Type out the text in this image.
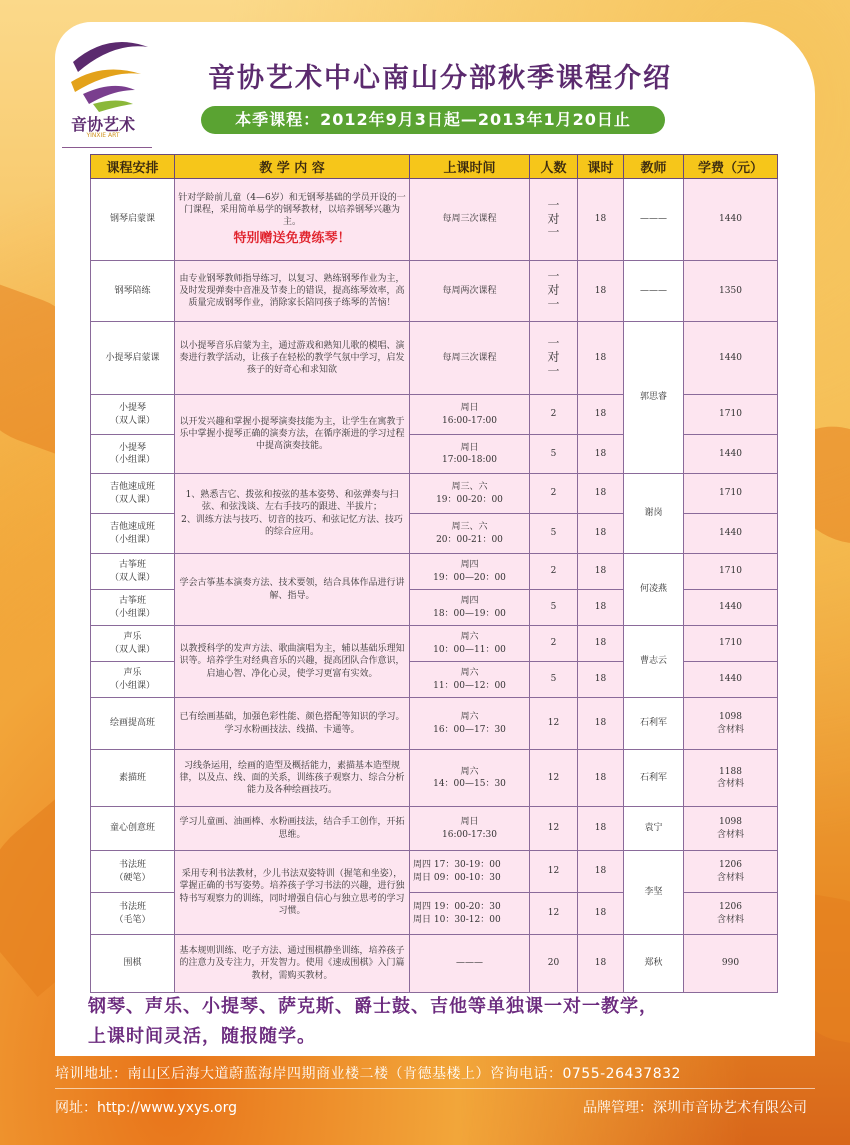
音协艺术
YINXIE ART
音协艺术中心南山分部秋季课程介绍
本季课程：2012年9月3日起—2013年1月20日止
课程安排	教 学 内 容	上课时间	人数	课时	教师	学费（元）
钢琴启蒙课	针对学龄前儿童（4—6岁）和无钢琴基础的学员开设的一门课程，采用简单易学的钢琴教材，以培养钢琴兴趣为主。
特别赠送免费练琴！	每周三次课程	一
对
一	18	———	1440
钢琴陪练	由专业钢琴教师指导练习，以复习、熟练钢琴作业为主，及时发现弹奏中音准及节奏上的错误，提高练琴效率，高质量完成钢琴作业，消除家长陪同孩子练琴的苦恼！	每周两次课程	一
对
一	18	———	1350
小提琴启蒙课	以小提琴音乐启蒙为主，通过游戏和熟知儿歌的模唱、演奏进行教学活动，让孩子在轻松的教学气氛中学习，启发孩子的好奇心和求知欲	每周三次课程	一
对
一	18	郭思睿	1440
小提琴
（双人课）	以开发兴趣和掌握小提琴演奏技能为主，让学生在寓教于乐中掌握小提琴正确的演奏方法，在循序渐进的学习过程中提高演奏技能。	周日
16:00-17:00	2	18		1710
小提琴
（小组课）		周日
17:00-18:00	5	18		1440
吉他速成班
（双人课）	1、熟悉吉它、拨弦和按弦的基本姿势、和弦弹奏与扫弦、和弦浅谈、左右手技巧的跟进、半拔片；
2、训练方法与技巧、切音的技巧、和弦记忆方法、技巧的综合应用。	周三、六
19：00-20：00	2	18	谢岗	1710
吉他速成班
（小组课）		周三、六
20：00-21：00	5	18		1440
古筝班
（双人课）	学会古筝基本演奏方法、技术要领，结合具体作品进行讲解、指导。	周四
19：00—20：00	2	18	何凌燕	1710
古筝班
（小组课）		周四
18：00—19：00	5	18		1440
声乐
（双人课）	以教授科学的发声方法、歌曲演唱为主，辅以基础乐理知识等。培养学生对经典音乐的兴趣，提高团队合作意识，启迪心智、净化心灵，使学习更富有实效。	周六
10：00—11：00	2	18	曹志云	1710
声乐
（小组课）		周六
11：00—12：00	5	18		1440
绘画提高班	已有绘画基础，加强色彩性能、颜色搭配等知识的学习。学习水粉画技法、线描、卡通等。	周六
16：00—17：30	12	18	石利军	1098
含材料
素描班	习线条运用，绘画的造型及概括能力，素描基本造型规律，以及点、线、面的关系，训练孩子观察力、综合分析能力及各种绘画技巧。	周六
14：00—15：30	12	18	石利军	1188
含材料
童心创意班	学习儿童画、油画棒、水粉画技法，结合手工创作，开拓思维。	周日
16:00-17:30	12	18	袁宁	1098
含材料
书法班
（硬笔）	采用专利书法教材，少儿书法双姿特训（握笔和坐姿），掌握正确的书写姿势。培养孩子学习书法的兴趣，进行独特书写观察力的训练，同时增强自信心与独立思考的学习习惯。	周四 17：30-19：00
周日 09：00-10：30	12	18	李坚	1206
含材料
书法班
（毛笔）		周四 19：00-20：30
周日 10：30-12：00	12	18		1206
含材料
围棋	基本规则训练、吃子方法、通过围棋静坐训练，培养孩子的注意力及专注力，开发智力。使用《速成围棋》入门篇教材，需购买教材。	———	20	18	郑秋	990
钢琴、声乐、小提琴、萨克斯、爵士鼓、吉他等单独课一对一教学，
上课时间灵活，随报随学。
培训地址：南山区后海大道蔚蓝海岸四期商业楼二楼（肯德基楼上）咨询电话：0755-26437832
网址：http://www.yxys.org	品牌管理：深圳市音协艺术有限公司
